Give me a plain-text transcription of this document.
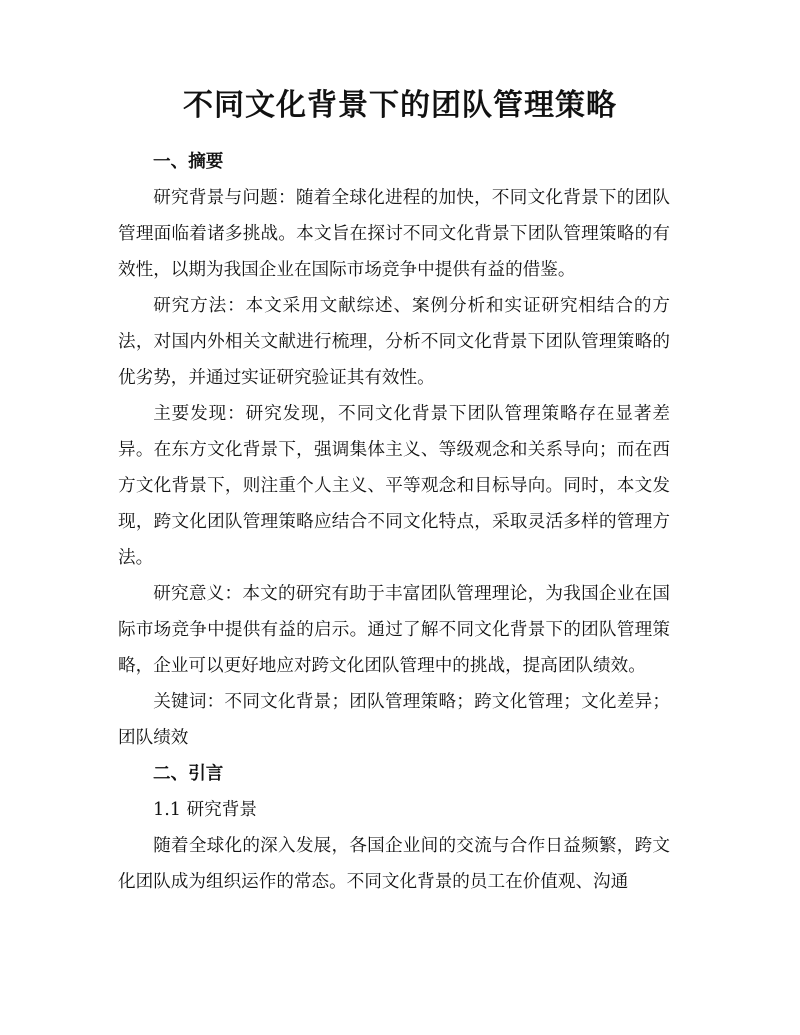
不同文化背景下的团队管理策略

一、摘要

研究背景与问题：随着全球化进程的加快，不同文化背景下的团队管理面临着诸多挑战。本文旨在探讨不同文化背景下团队管理策略的有效性，以期为我国企业在国际市场竞争中提供有益的借鉴。

研究方法：本文采用文献综述、案例分析和实证研究相结合的方法，对国内外相关文献进行梳理，分析不同文化背景下团队管理策略的优劣势，并通过实证研究验证其有效性。

主要发现：研究发现，不同文化背景下团队管理策略存在显著差异。在东方文化背景下，强调集体主义、等级观念和关系导向；而在西方文化背景下，则注重个人主义、平等观念和目标导向。同时，本文发现，跨文化团队管理策略应结合不同文化特点，采取灵活多样的管理方法。

研究意义：本文的研究有助于丰富团队管理理论，为我国企业在国际市场竞争中提供有益的启示。通过了解不同文化背景下的团队管理策略，企业可以更好地应对跨文化团队管理中的挑战，提高团队绩效。

关键词：不同文化背景；团队管理策略；跨文化管理；文化差异；团队绩效

二、引言

1.1 研究背景

随着全球化的深入发展，各国企业间的交流与合作日益频繁，跨文化团队成为组织运作的常态。不同文化背景的员工在价值观、沟通
